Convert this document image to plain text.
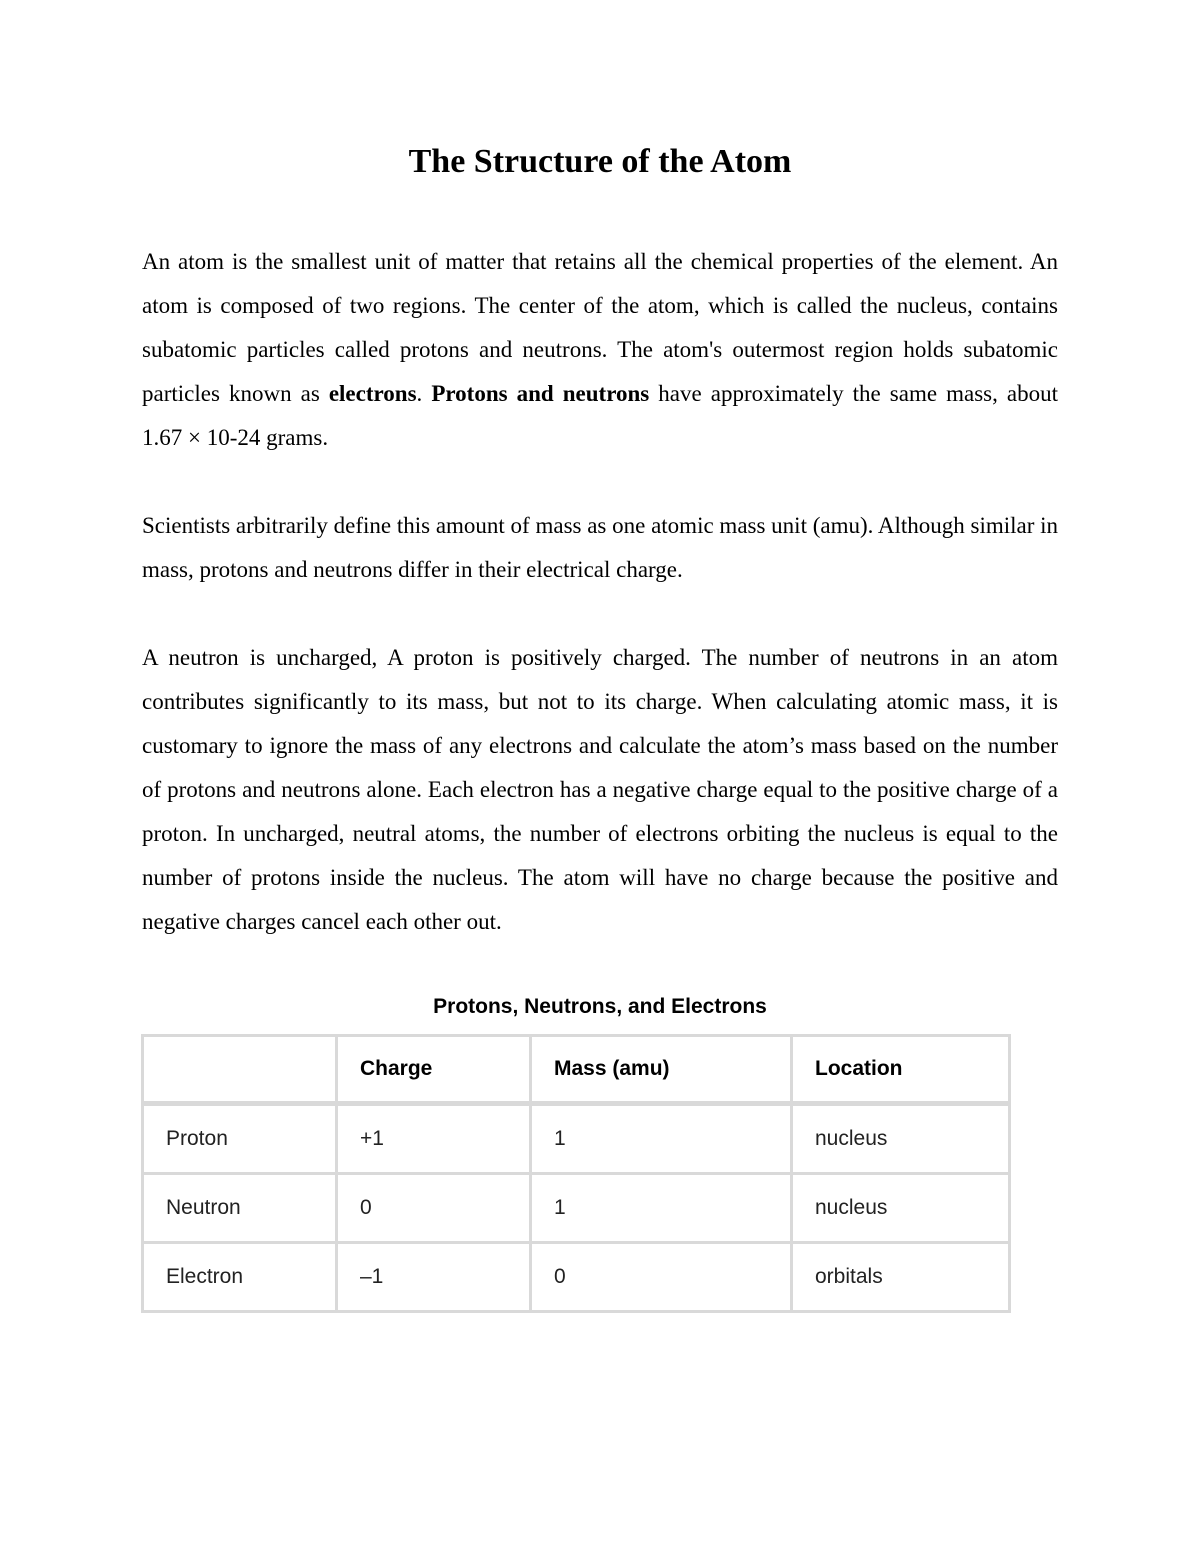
The Structure of the Atom

An atom is the smallest unit of matter that retains all the chemical properties of the element. An atom is composed of two regions. The center of the atom, which is called the nucleus, contains subatomic particles called protons and neutrons. The atom's outermost region holds subatomic particles known as electrons. Protons and neutrons have approximately the same mass, about 1.67 × 10-24 grams.

Scientists arbitrarily define this amount of mass as one atomic mass unit (amu). Although similar in mass, protons and neutrons differ in their electrical charge.

A neutron is uncharged, A proton is positively charged. The number of neutrons in an atom contributes significantly to its mass, but not to its charge. When calculating atomic mass, it is customary to ignore the mass of any electrons and calculate the atom’s mass based on the number of protons and neutrons alone. Each electron has a negative charge equal to the positive charge of a proton. In uncharged, neutral atoms, the number of electrons orbiting the nucleus is equal to the number of protons inside the nucleus. The atom will have no charge because the positive and negative charges cancel each other out.

Protons, Neutrons, and Electrons
	Charge	Mass (amu)	Location
Proton	+1	1	nucleus
Neutron	0	1	nucleus
Electron	–1	0	orbitals
